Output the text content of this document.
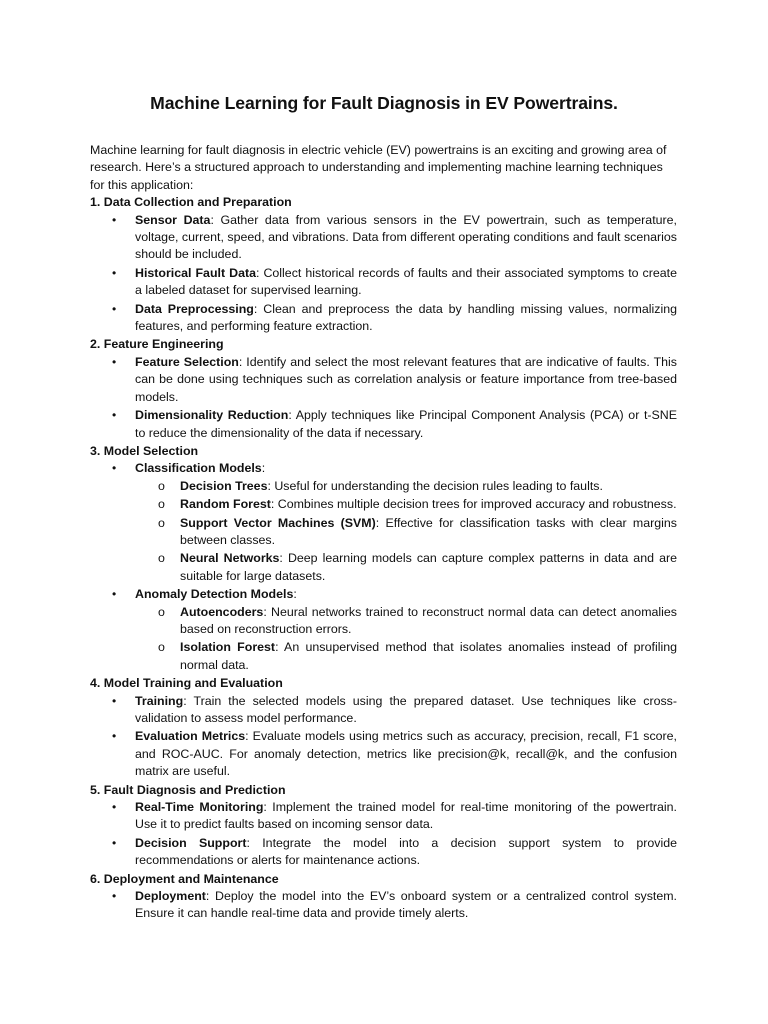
Machine Learning for Fault Diagnosis in EV Powertrains.

Machine learning for fault diagnosis in electric vehicle (EV) powertrains is an exciting and growing area of research. Here’s a structured approach to understanding and implementing machine learning techniques for this application:

1. Data Collection and Preparation

• Sensor Data: Gather data from various sensors in the EV powertrain, such as temperature, voltage, current, speed, and vibrations. Data from different operating conditions and fault scenarios should be included.
• Historical Fault Data: Collect historical records of faults and their associated symptoms to create a labeled dataset for supervised learning.
• Data Preprocessing: Clean and preprocess the data by handling missing values, normalizing features, and performing feature extraction.

2. Feature Engineering

• Feature Selection: Identify and select the most relevant features that are indicative of faults. This can be done using techniques such as correlation analysis or feature importance from tree-based models.
• Dimensionality Reduction: Apply techniques like Principal Component Analysis (PCA) or t-SNE to reduce the dimensionality of the data if necessary.

3. Model Selection

• Classification Models:
o Decision Trees: Useful for understanding the decision rules leading to faults.
o Random Forest: Combines multiple decision trees for improved accuracy and robustness.
o Support Vector Machines (SVM): Effective for classification tasks with clear margins between classes.
o Neural Networks: Deep learning models can capture complex patterns in data and are suitable for large datasets.
• Anomaly Detection Models:
o Autoencoders: Neural networks trained to reconstruct normal data can detect anomalies based on reconstruction errors.
o Isolation Forest: An unsupervised method that isolates anomalies instead of profiling normal data.

4. Model Training and Evaluation

• Training: Train the selected models using the prepared dataset. Use techniques like cross-validation to assess model performance.
• Evaluation Metrics: Evaluate models using metrics such as accuracy, precision, recall, F1 score, and ROC-AUC. For anomaly detection, metrics like precision@k, recall@k, and the confusion matrix are useful.

5. Fault Diagnosis and Prediction

• Real-Time Monitoring: Implement the trained model for real-time monitoring of the powertrain. Use it to predict faults based on incoming sensor data.
• Decision Support: Integrate the model into a decision support system to provide recommendations or alerts for maintenance actions.

6. Deployment and Maintenance

• Deployment: Deploy the model into the EV’s onboard system or a centralized control system. Ensure it can handle real-time data and provide timely alerts.
